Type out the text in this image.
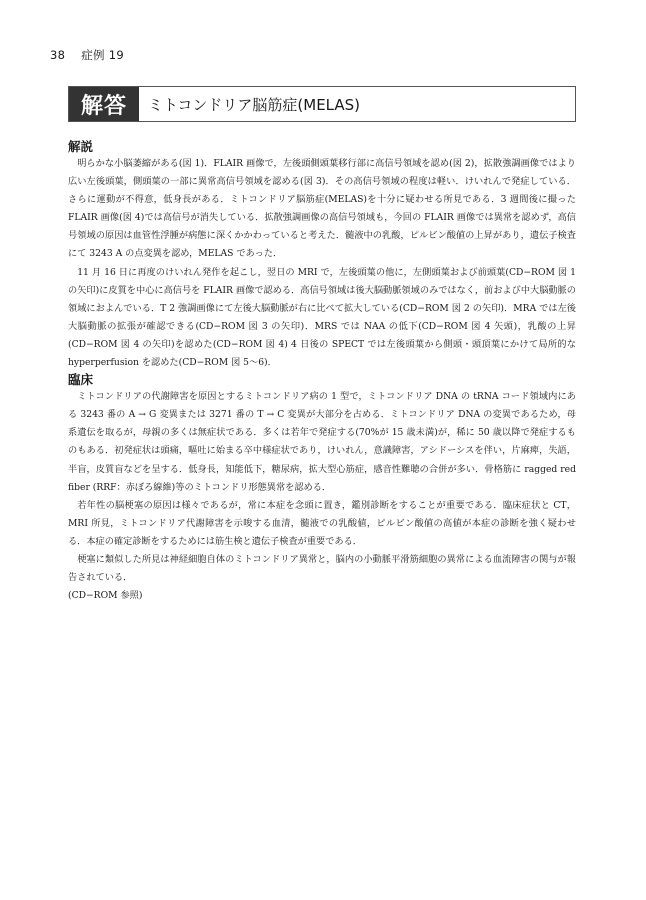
38 症例 19
解答	ミトコンドリア脳筋症(MELAS)
解説

明らかな小脳萎縮がある(図 1)．FLAIR 画像で，左後頭側頭葉移行部に高信号領域を認め(図 2)，拡散強調画像ではより広い左後頭葉，側頭葉の一部に異常高信号領域を認める(図 3)．その高信号領域の程度は軽い．けいれんで発症している．さらに運動が不得意，低身長がある．ミトコンドリア脳筋症(MELAS)を十分に疑わせる所見である．3 週間後に撮った FLAIR 画像(図 4)では高信号が消失している．拡散強調画像の高信号領域も，今回の FLAIR 画像では異常を認めず，高信号領域の原因は血管性浮腫が病態に深くかかわっていると考えた．髄液中の乳酸，ピルビン酸値の上昇があり，遺伝子検査にて 3243 A の点変異を認め，MELAS であった．

11 月 16 日に再度のけいれん発作を起こし，翌日の MRI で，左後頭葉の他に，左側頭葉および前頭葉(CD−ROM 図 1 の矢印)に皮質を中心に高信号を FLAIR 画像で認める．高信号領域は後大脳動脈領域のみではなく，前および中大脳動脈の領域におよんでいる．T 2 強調画像にて左後大脳動脈が右に比べて拡大している(CD−ROM 図 2 の矢印)．MRA では左後大脳動脈の拡張が確認できる(CD−ROM 図 3 の矢印)．MRS では NAA の低下(CD−ROM 図 4 矢頭)，乳酸の上昇(CD−ROM 図 4 の矢印)を認めた(CD−ROM 図 4) 4 日後の SPECT では左後頭葉から側頭・頭頂葉にかけて局所的な hyperperfusion を認めた(CD−ROM 図 5〜6)．

臨床

ミトコンドリアの代謝障害を原因とするミトコンドリア病の 1 型で，ミトコンドリア DNA の tRNA コード領域内にある 3243 番の A → G 変異または 3271 番の T → C 変異が大部分を占める．ミトコンドリア DNA の変異であるため，母系遺伝を取るが，母親の多くは無症状である．多くは若年で発症する(70%が 15 歳未満)が，稀に 50 歳以降で発症するものもある．初発症状は頭痛，嘔吐に始まる卒中様症状であり，けいれん，意識障害，アシドーシスを伴い，片麻痺，失語，半盲，皮質盲などを呈する．低身長，知能低下，糖尿病，拡大型心筋症，感音性難聴の合併が多い．骨格筋に ragged red fiber (RRF：赤ぼろ線維)等のミトコンドリ形態異常を認める．

若年性の脳梗塞の原因は様々であるが，常に本症を念頭に置き，鑑別診断をすることが重要である．臨床症状と CT，MRI 所見，ミトコンドリア代謝障害を示唆する血清，髄液での乳酸値，ピルビン酸値の高値が本症の診断を強く疑わせる．本症の確定診断をするためには筋生検と遺伝子検査が重要である．

梗塞に類似した所見は神経細胞自体のミトコンドリア異常と，脳内の小動脈平滑筋細胞の異常による血流障害の関与が報告されている．

(CD−ROM 参照)
